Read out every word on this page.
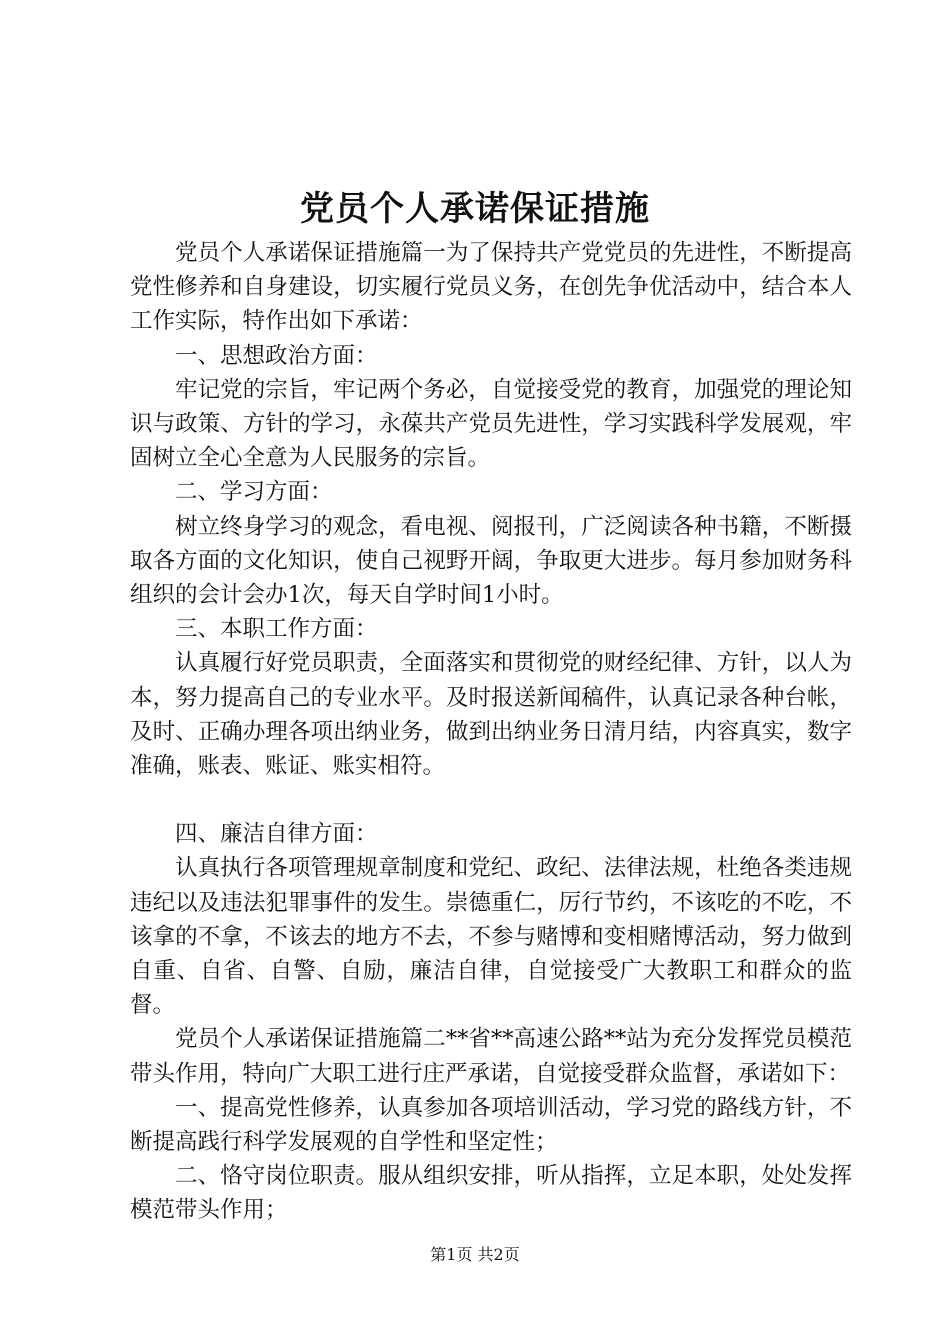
党员个人承诺保证措施

党员个人承诺保证措施篇一为了保持共产党党员的先进性，不断提高党性修养和自身建设，切实履行党员义务，在创先争优活动中，结合本人工作实际，特作出如下承诺：

一、思想政治方面：

牢记党的宗旨，牢记两个务必，自觉接受党的教育，加强党的理论知识与政策、方针的学习，永葆共产党员先进性，学习实践科学发展观，牢固树立全心全意为人民服务的宗旨。

二、学习方面：

树立终身学习的观念，看电视、阅报刊，广泛阅读各种书籍，不断摄取各方面的文化知识，使自己视野开阔，争取更大进步。每月参加财务科组织的会计会办1次，每天自学时间1小时。

三、本职工作方面：

认真履行好党员职责，全面落实和贯彻党的财经纪律、方针，以人为本，努力提高自己的专业水平。及时报送新闻稿件，认真记录各种台帐，及时、正确办理各项出纳业务，做到出纳业务日清月结，内容真实，数字准确，账表、账证、账实相符。

四、廉洁自律方面：

认真执行各项管理规章制度和党纪、政纪、法律法规，杜绝各类违规违纪以及违法犯罪事件的发生。崇德重仁，厉行节约，不该吃的不吃，不该拿的不拿，不该去的地方不去，不参与赌博和变相赌博活动，努力做到自重、自省、自警、自励，廉洁自律，自觉接受广大教职工和群众的监督。

党员个人承诺保证措施篇二**省**高速公路**站为充分发挥党员模范带头作用，特向广大职工进行庄严承诺，自觉接受群众监督，承诺如下：

一、提高党性修养，认真参加各项培训活动，学习党的路线方针，不断提高践行科学发展观的自学性和坚定性；

二、恪守岗位职责。服从组织安排，听从指挥，立足本职，处处发挥模范带头作用；

第1页 共2页
